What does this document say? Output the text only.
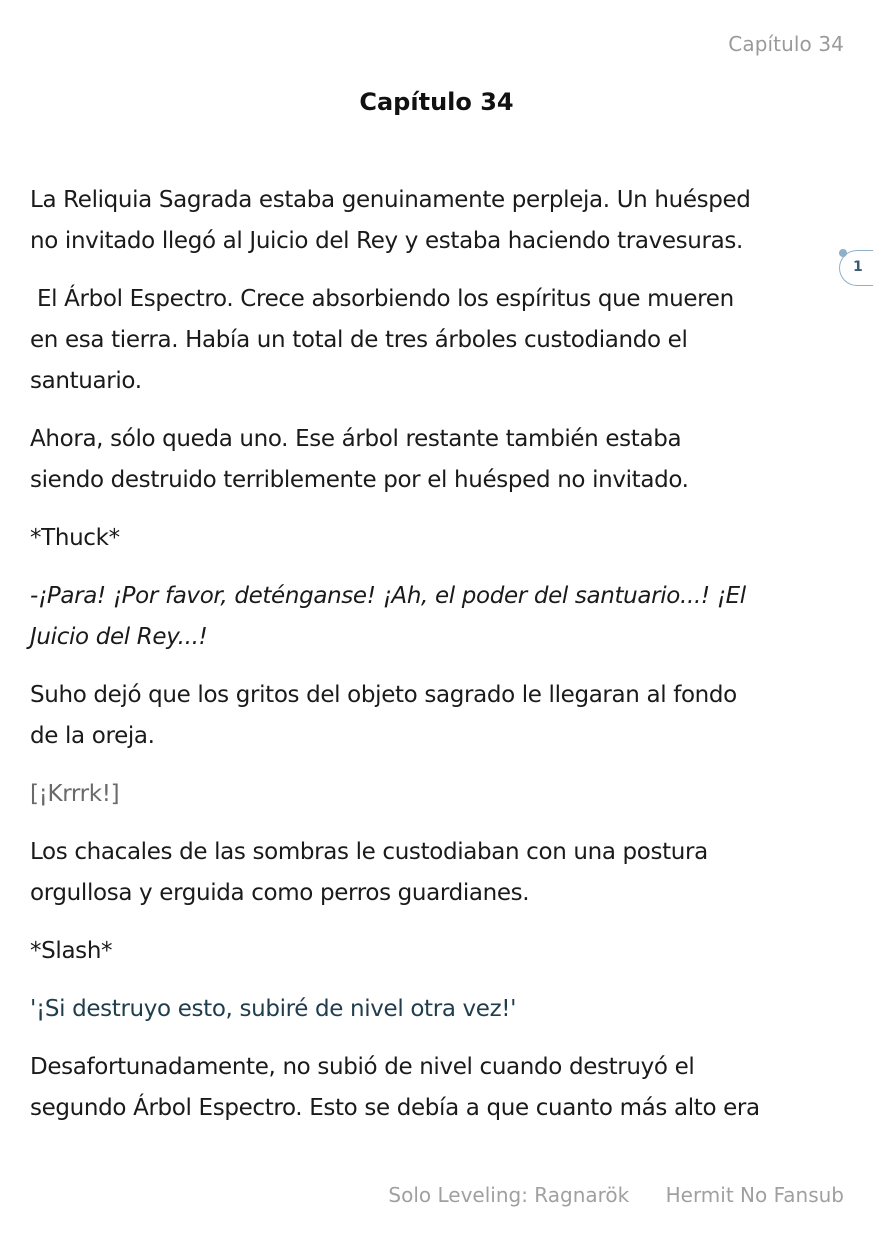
Capítulo 34
Capítulo 34
1

La Reliquia Sagrada estaba genuinamente perpleja. Un huésped
no invitado llegó al Juicio del Rey y estaba haciendo travesuras.

El Árbol Espectro. Crece absorbiendo los espíritus que mueren
en esa tierra. Había un total de tres árboles custodiando el
santuario.

Ahora, sólo queda uno. Ese árbol restante también estaba
siendo destruido terriblemente por el huésped no invitado.

*Thuck*

-¡Para! ¡Por favor, deténganse! ¡Ah, el poder del santuario...! ¡El
Juicio del Rey...!

Suho dejó que los gritos del objeto sagrado le llegaran al fondo
de la oreja.

[¡Krrrk!]

Los chacales de las sombras le custodiaban con una postura
orgullosa y erguida como perros guardianes.

*Slash*

'¡Si destruyo esto, subiré de nivel otra vez!'

Desafortunadamente, no subió de nivel cuando destruyó el
segundo Árbol Espectro. Esto se debía a que cuanto más alto era

Solo Leveling: Ragnarök Hermit No Fansub
